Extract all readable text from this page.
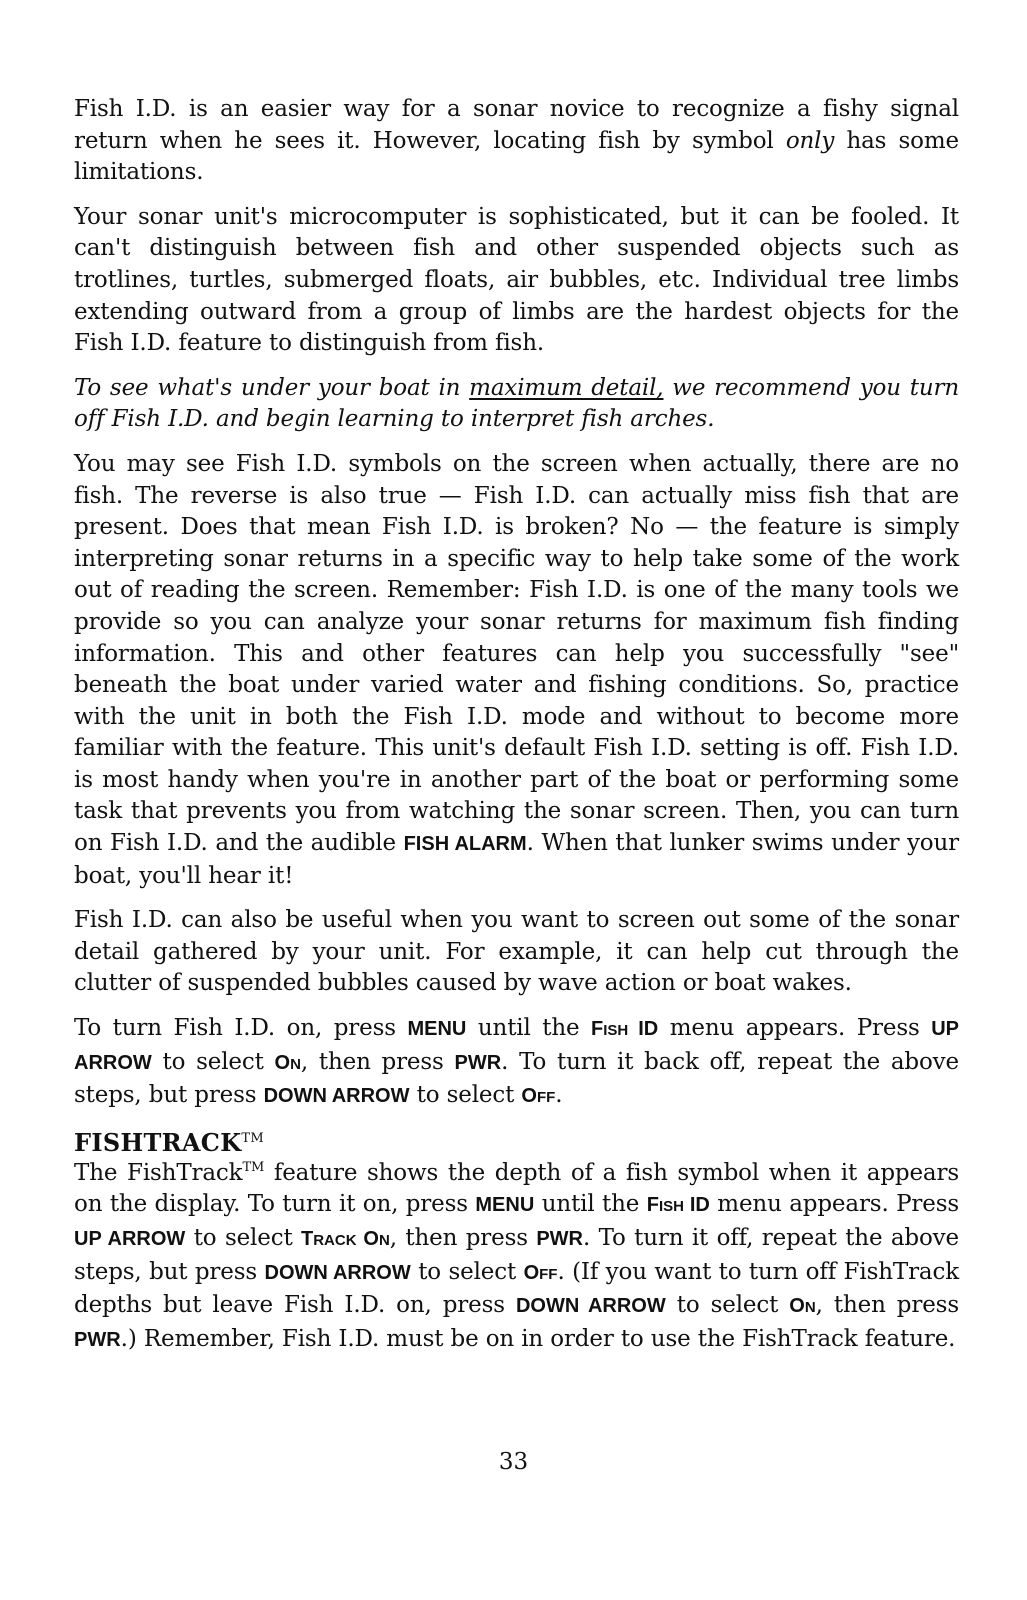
Fish I.D. is an easier way for a sonar novice to recognize a fishy signal return when he sees it. However, locating fish by symbol only has some limitations.

Your sonar unit's microcomputer is sophisticated, but it can be fooled. It can't distinguish between fish and other suspended objects such as trotlines, turtles, submerged floats, air bubbles, etc. Individual tree limbs extending outward from a group of limbs are the hardest objects for the Fish I.D. feature to distinguish from fish.

To see what's under your boat in maximum detail, we recommend you turn off Fish I.D. and begin learning to interpret fish arches.

You may see Fish I.D. symbols on the screen when actually, there are no fish. The reverse is also true — Fish I.D. can actually miss fish that are present. Does that mean Fish I.D. is broken? No — the feature is simply interpreting sonar returns in a specific way to help take some of the work out of reading the screen. Remember: Fish I.D. is one of the many tools we provide so you can analyze your sonar returns for maximum fish finding information. This and other features can help you successfully "see" beneath the boat under varied water and fishing conditions. So, practice with the unit in both the Fish I.D. mode and without to become more familiar with the feature. This unit's default Fish I.D. setting is off. Fish I.D. is most handy when you're in another part of the boat or performing some task that prevents you from watching the sonar screen. Then, you can turn on Fish I.D. and the audible FISH ALARM. When that lunker swims under your boat, you'll hear it!

Fish I.D. can also be useful when you want to screen out some of the sonar detail gathered by your unit. For example, it can help cut through the clutter of suspended bubbles caused by wave action or boat wakes.

To turn Fish I.D. on, press MENU until the FISH ID menu appears. Press UP ARROW to select ON, then press PWR. To turn it back off, repeat the above steps, but press DOWN ARROW to select OFF.

FISHTRACK™

The FishTrack™ feature shows the depth of a fish symbol when it appears on the display. To turn it on, press MENU until the FISH ID menu appears. Press UP ARROW to select TRACK ON, then press PWR. To turn it off, repeat the above steps, but press DOWN ARROW to select OFF. (If you want to turn off FishTrack depths but leave Fish I.D. on, press DOWN ARROW to select ON, then press PWR.) Remember, Fish I.D. must be on in order to use the FishTrack feature.

33
